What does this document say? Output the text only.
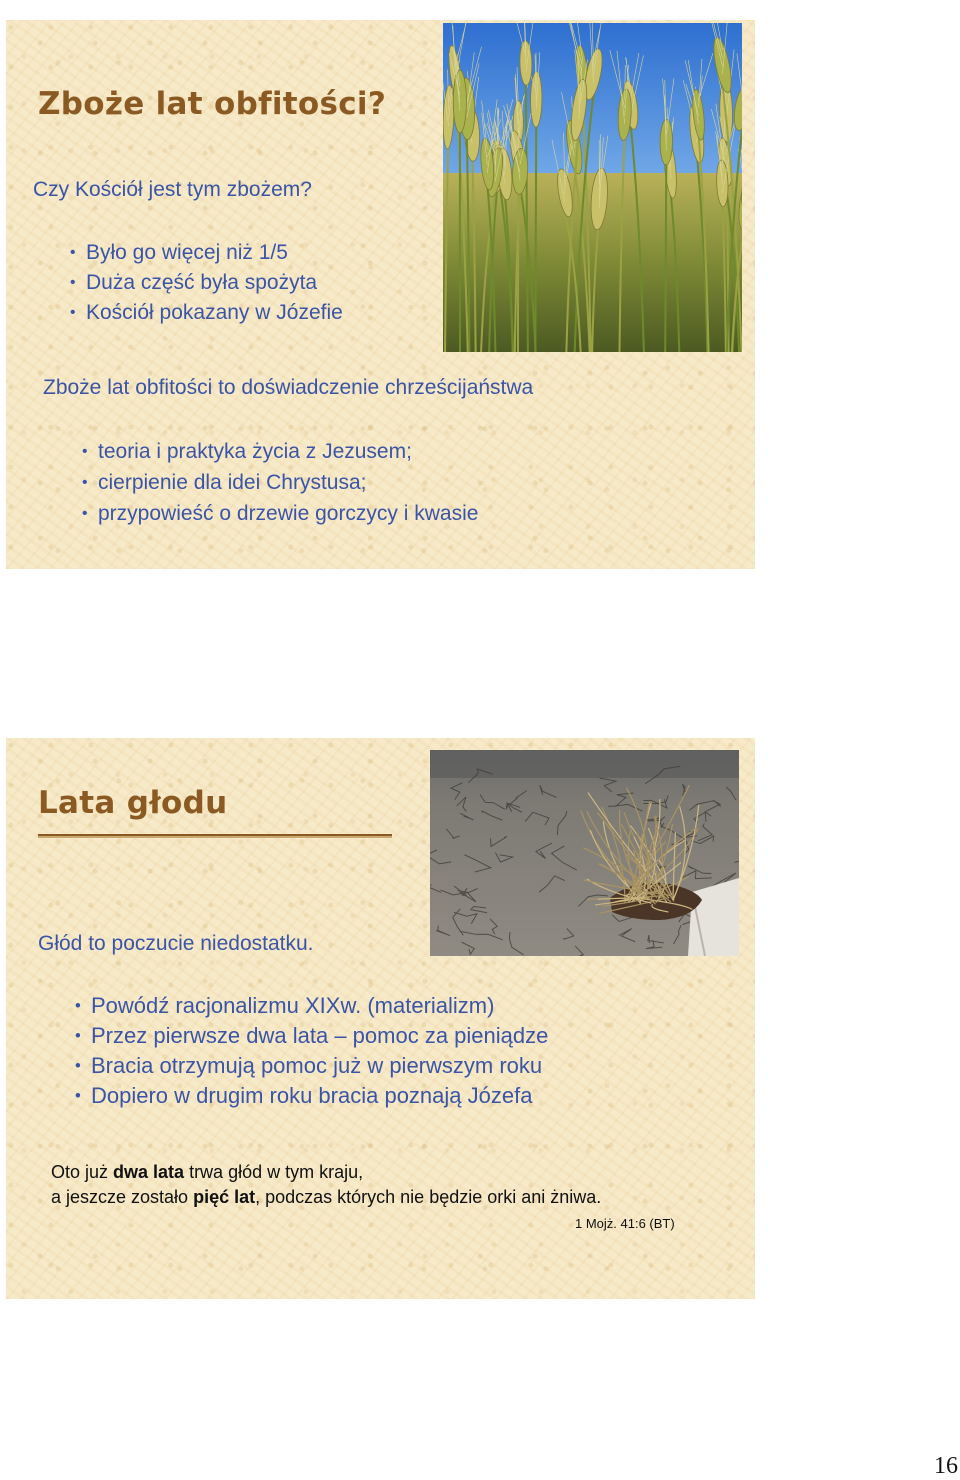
Zboże lat obfitości?
Czy Kościół jest tym zbożem?
• Było go więcej niż 1/5
• Duża część była spożyta
• Kościół pokazany w Józefie
Zboże lat obfitości to doświadczenie chrześcijaństwa
• teoria i praktyka życia z Jezusem;
• cierpienie dla idei Chrystusa;
• przypowieść o drzewie gorczycy i kwasie
Lata głodu
Głód to poczucie niedostatku.
• Powódź racjonalizmu XIXw. (materializm)
• Przez pierwsze dwa lata – pomoc za pieniądze
• Bracia otrzymują pomoc już w pierwszym roku
• Dopiero w drugim roku bracia poznają Józefa
Oto już dwa lata trwa głód w tym kraju,
a jeszcze zostało pięć lat, podczas których nie będzie orki ani żniwa.
1 Mojż. 41:6 (BT)
16
